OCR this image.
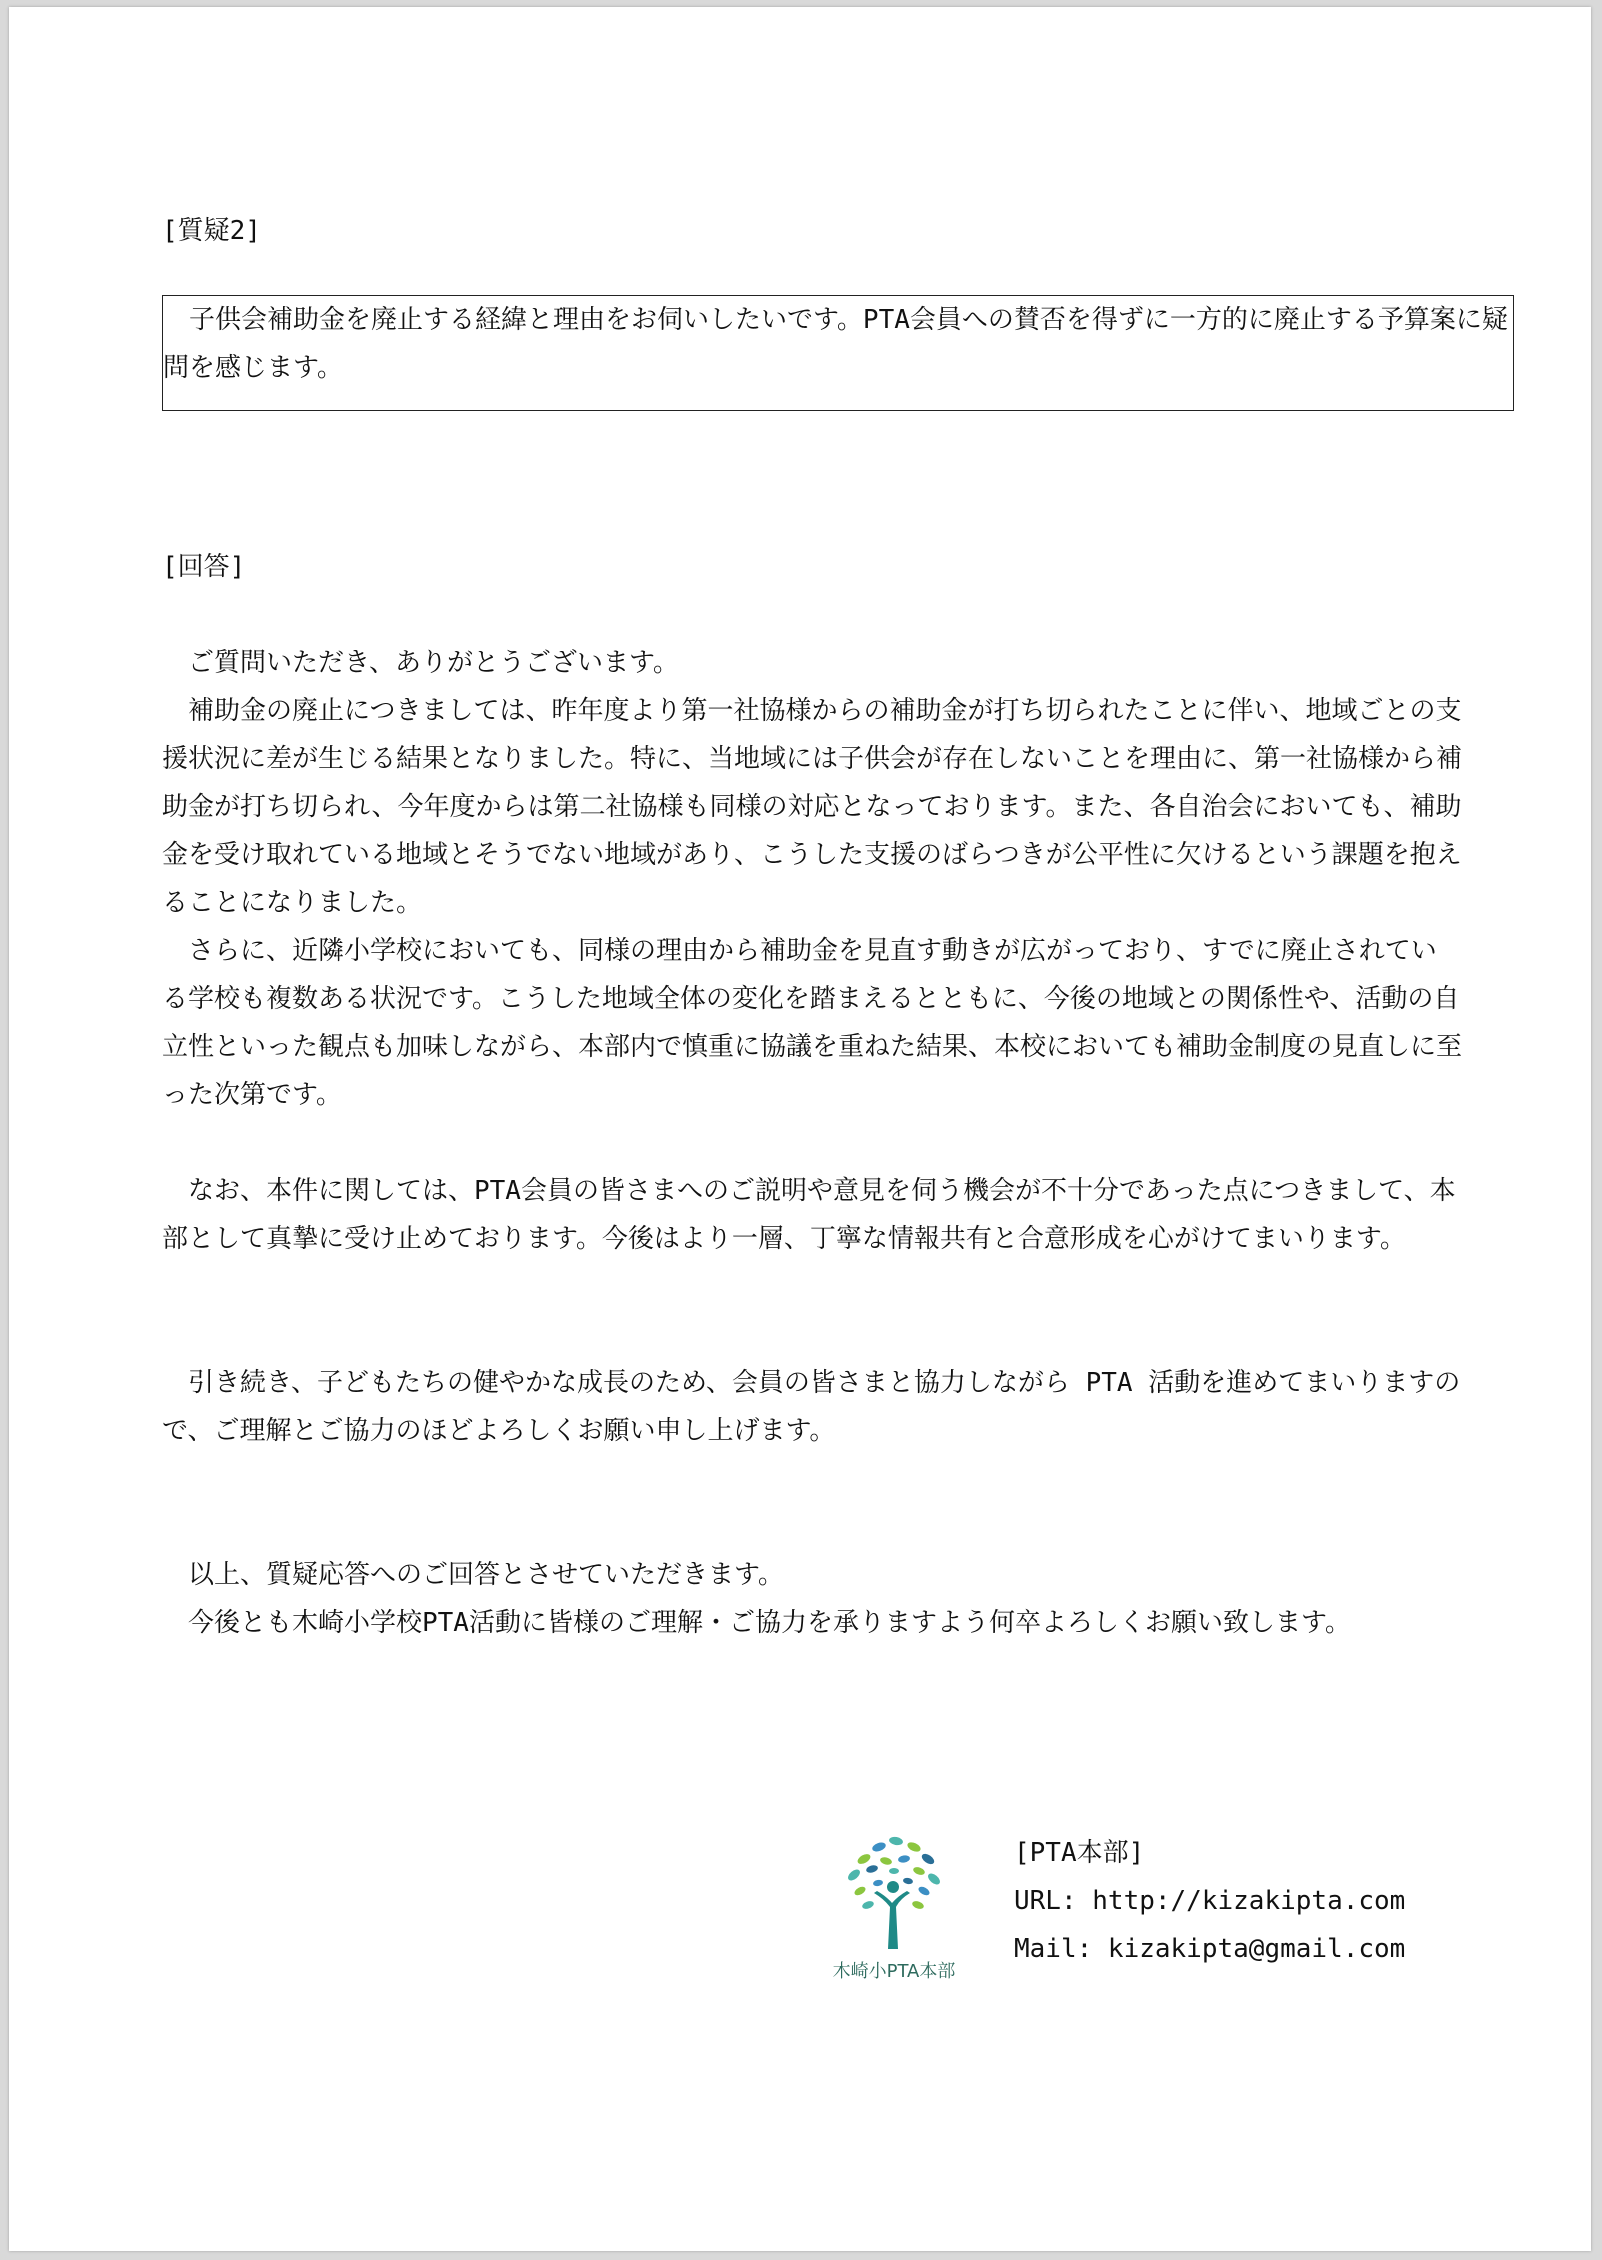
[質疑2]

子供会補助金を廃止する経緯と理由をお伺いしたいです。PTA会員への賛否を得ずに一方的に廃止する予算案に疑問を感じます。

[回答]

ご質問いただき、ありがとうございます。

補助金の廃止につきましては、昨年度より第一社協様からの補助金が打ち切られたことに伴い、地域ごとの支援状況に差が生じる結果となりました。特に、当地域には子供会が存在しないことを理由に、第一社協様から補助金が打ち切られ、今年度からは第二社協様も同様の対応となっております。また、各自治会においても、補助金を受け取れている地域とそうでない地域があり、こうした支援のばらつきが公平性に欠けるという課題を抱えることになりました。

さらに、近隣小学校においても、同様の理由から補助金を見直す動きが広がっており、すでに廃止されている学校も複数ある状況です。こうした地域全体の変化を踏まえるとともに、今後の地域との関係性や、活動の自立性といった観点も加味しながら、本部内で慎重に協議を重ねた結果、本校においても補助金制度の見直しに至った次第です。

なお、本件に関しては、PTA会員の皆さまへのご説明や意見を伺う機会が不十分であった点につきまして、本部として真摯に受け止めております。今後はより一層、丁寧な情報共有と合意形成を心がけてまいります。

引き続き、子どもたちの健やかな成長のため、会員の皆さまと協力しながら PTA 活動を進めてまいりますので、ご理解とご協力のほどよろしくお願い申し上げます。

以上、質疑応答へのご回答とさせていただきます。

今後とも木崎小学校PTA活動に皆様のご理解・ご協力を承りますよう何卒よろしくお願い致します。

木崎小PTA本部
[PTA本部]
URL: http://kizakipta.com
Mail: kizakipta@gmail.com
